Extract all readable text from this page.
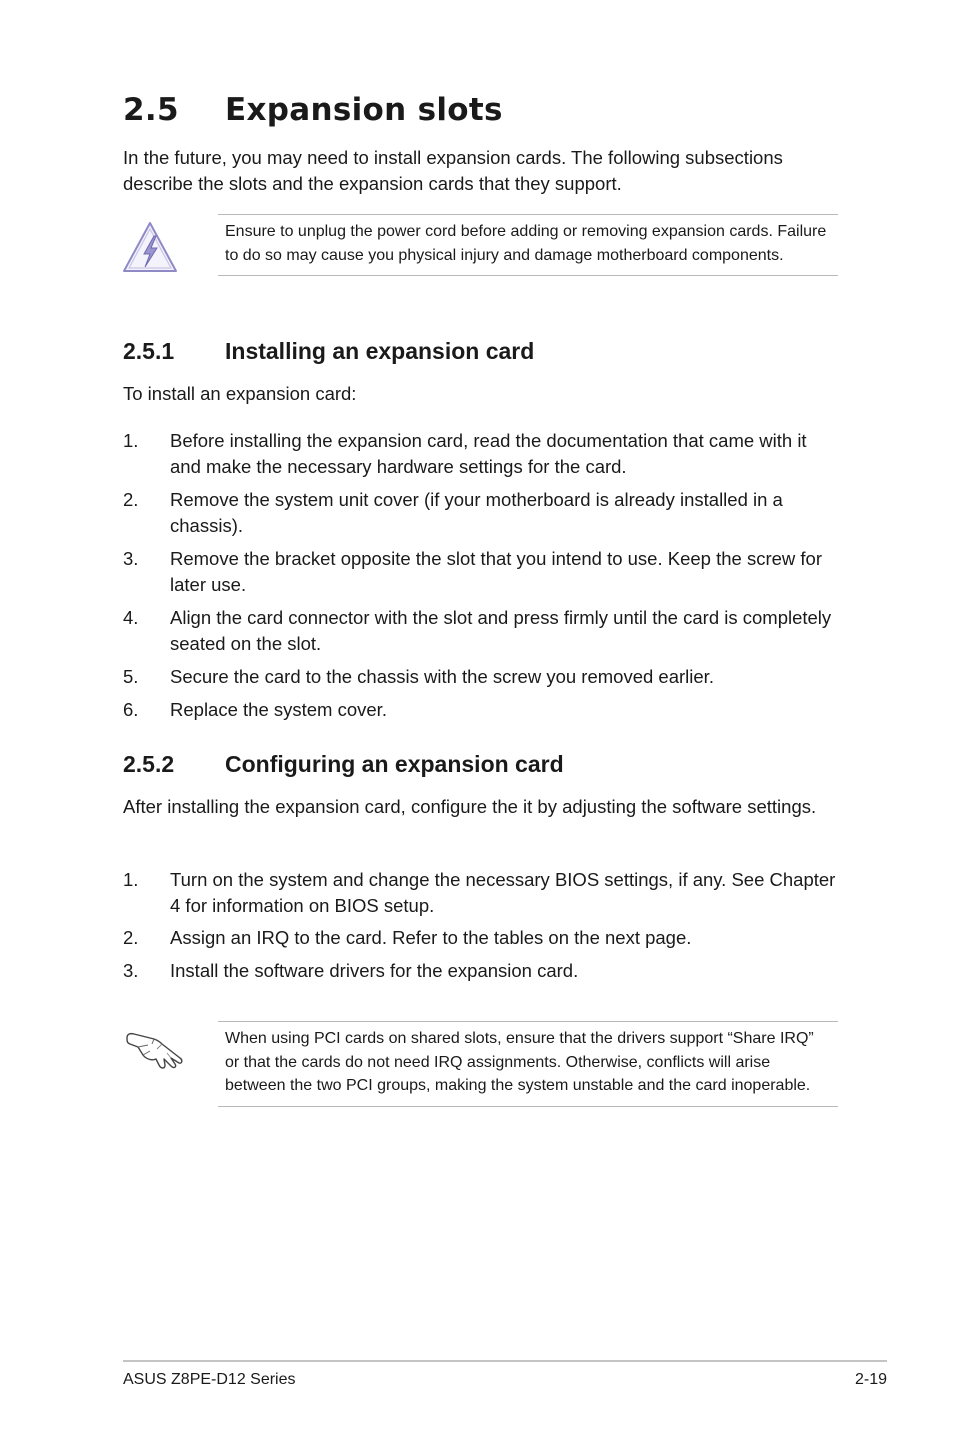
2.5 Expansion slots

In the future, you may need to install expansion cards. The following subsections describe the slots and the expansion cards that they support.

Ensure to unplug the power cord before adding or removing expansion cards. Failure to do so may cause you physical injury and damage motherboard components.
2.5.1 Installing an expansion card

To install an expansion card:

1. Before installing the expansion card, read the documentation that came with it and make the necessary hardware settings for the card.
2. Remove the system unit cover (if your motherboard is already installed in a chassis).
3. Remove the bracket opposite the slot that you intend to use. Keep the screw for later use.
4. Align the card connector with the slot and press firmly until the card is completely seated on the slot.
5. Secure the card to the chassis with the screw you removed earlier.
6. Replace the system cover.
2.5.2 Configuring an expansion card

After installing the expansion card, configure the it by adjusting the software settings.

1. Turn on the system and change the necessary BIOS settings, if any. See Chapter 4 for information on BIOS setup.
2. Assign an IRQ to the card. Refer to the tables on the next page.
3. Install the software drivers for the expansion card.
When using PCI cards on shared slots, ensure that the drivers support “Share IRQ” or that the cards do not need IRQ assignments. Otherwise, conflicts will arise between the two PCI groups, making the system unstable and the card inoperable.
ASUS Z8PE-D12 Series	2-19
